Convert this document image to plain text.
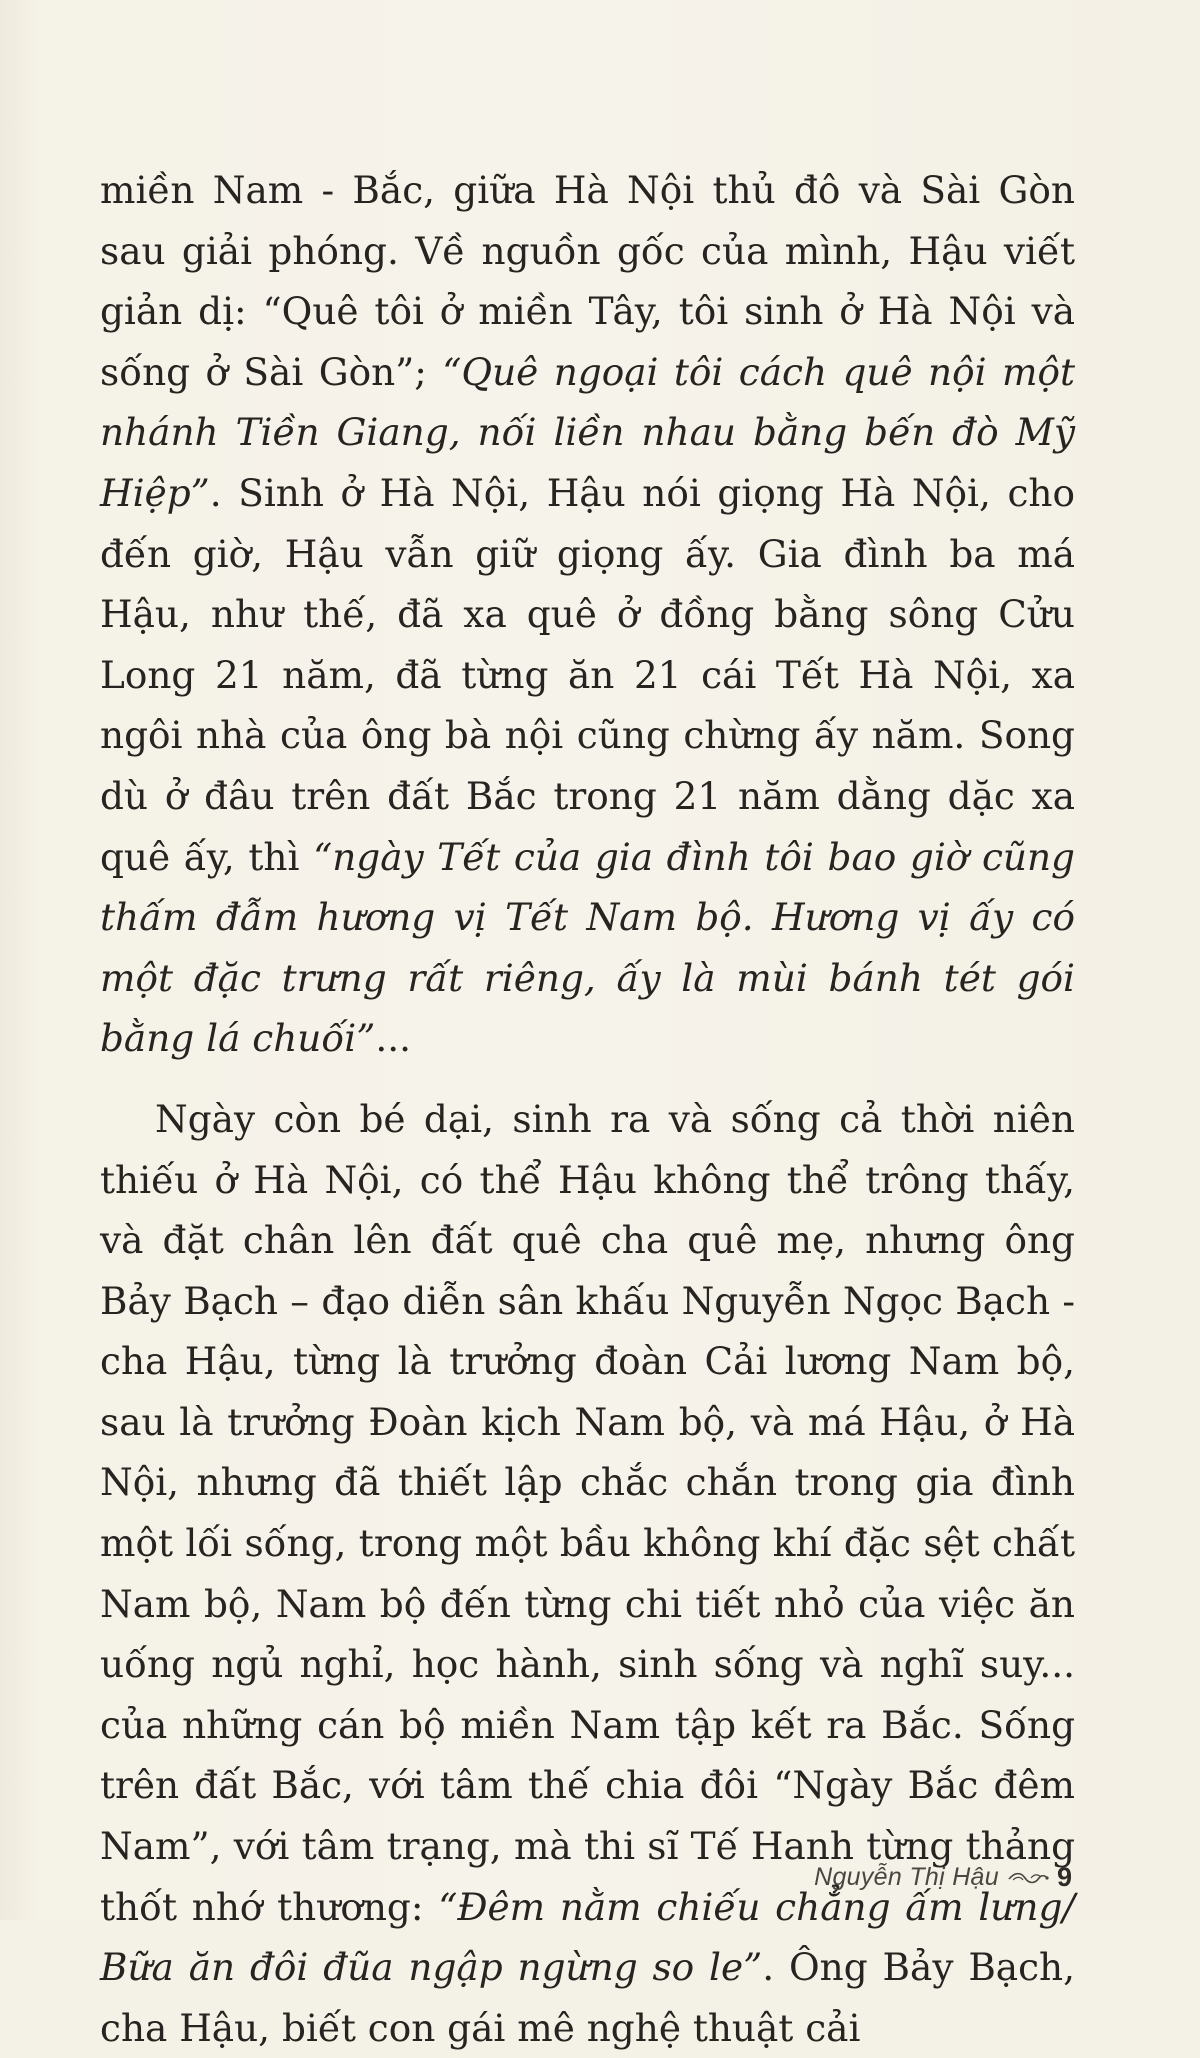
miền Nam - Bắc, giữa Hà Nội thủ đô và Sài Gòn sau giải phóng. Về nguồn gốc của mình, Hậu viết giản dị: “Quê tôi ở miền Tây, tôi sinh ở Hà Nội và sống ở Sài Gòn”; “Quê ngoại tôi cách quê nội một nhánh Tiền Giang, nối liền nhau bằng bến đò Mỹ Hiệp”. Sinh ở Hà Nội, Hậu nói giọng Hà Nội, cho đến giờ, Hậu vẫn giữ giọng ấy. Gia đình ba má Hậu, như thế, đã xa quê ở đồng bằng sông Cửu Long 21 năm, đã từng ăn 21 cái Tết Hà Nội, xa ngôi nhà của ông bà nội cũng chừng ấy năm. Song dù ở đâu trên đất Bắc trong 21 năm dằng dặc xa quê ấy, thì “ngày Tết của gia đình tôi bao giờ cũng thấm đẫm hương vị Tết Nam bộ. Hương vị ấy có một đặc trưng rất riêng, ấy là mùi bánh tét gói bằng lá chuối”...

Ngày còn bé dại, sinh ra và sống cả thời niên thiếu ở Hà Nội, có thể Hậu không thể trông thấy, và đặt chân lên đất quê cha quê mẹ, nhưng ông Bảy Bạch – đạo diễn sân khấu Nguyễn Ngọc Bạch - cha Hậu, từng là trưởng đoàn Cải lương Nam bộ, sau là trưởng Đoàn kịch Nam bộ, và má Hậu, ở Hà Nội, nhưng đã thiết lập chắc chắn trong gia đình một lối sống, trong một bầu không khí đặc sệt chất Nam bộ, Nam bộ đến từng chi tiết nhỏ của việc ăn uống ngủ nghỉ, học hành, sinh sống và nghĩ suy... của những cán bộ miền Nam tập kết ra Bắc. Sống trên đất Bắc, với tâm thế chia đôi “Ngày Bắc đêm Nam”, với tâm trạng, mà thi sĩ Tế Hanh từng thảng thốt nhớ thương: “Đêm nằm chiếu chẳng ấm lưng/ Bữa ăn đôi đũa ngập ngừng so le”. Ông Bảy Bạch, cha Hậu, biết con gái mê nghệ thuật cải

Nguyễn Thị Hậu 9
